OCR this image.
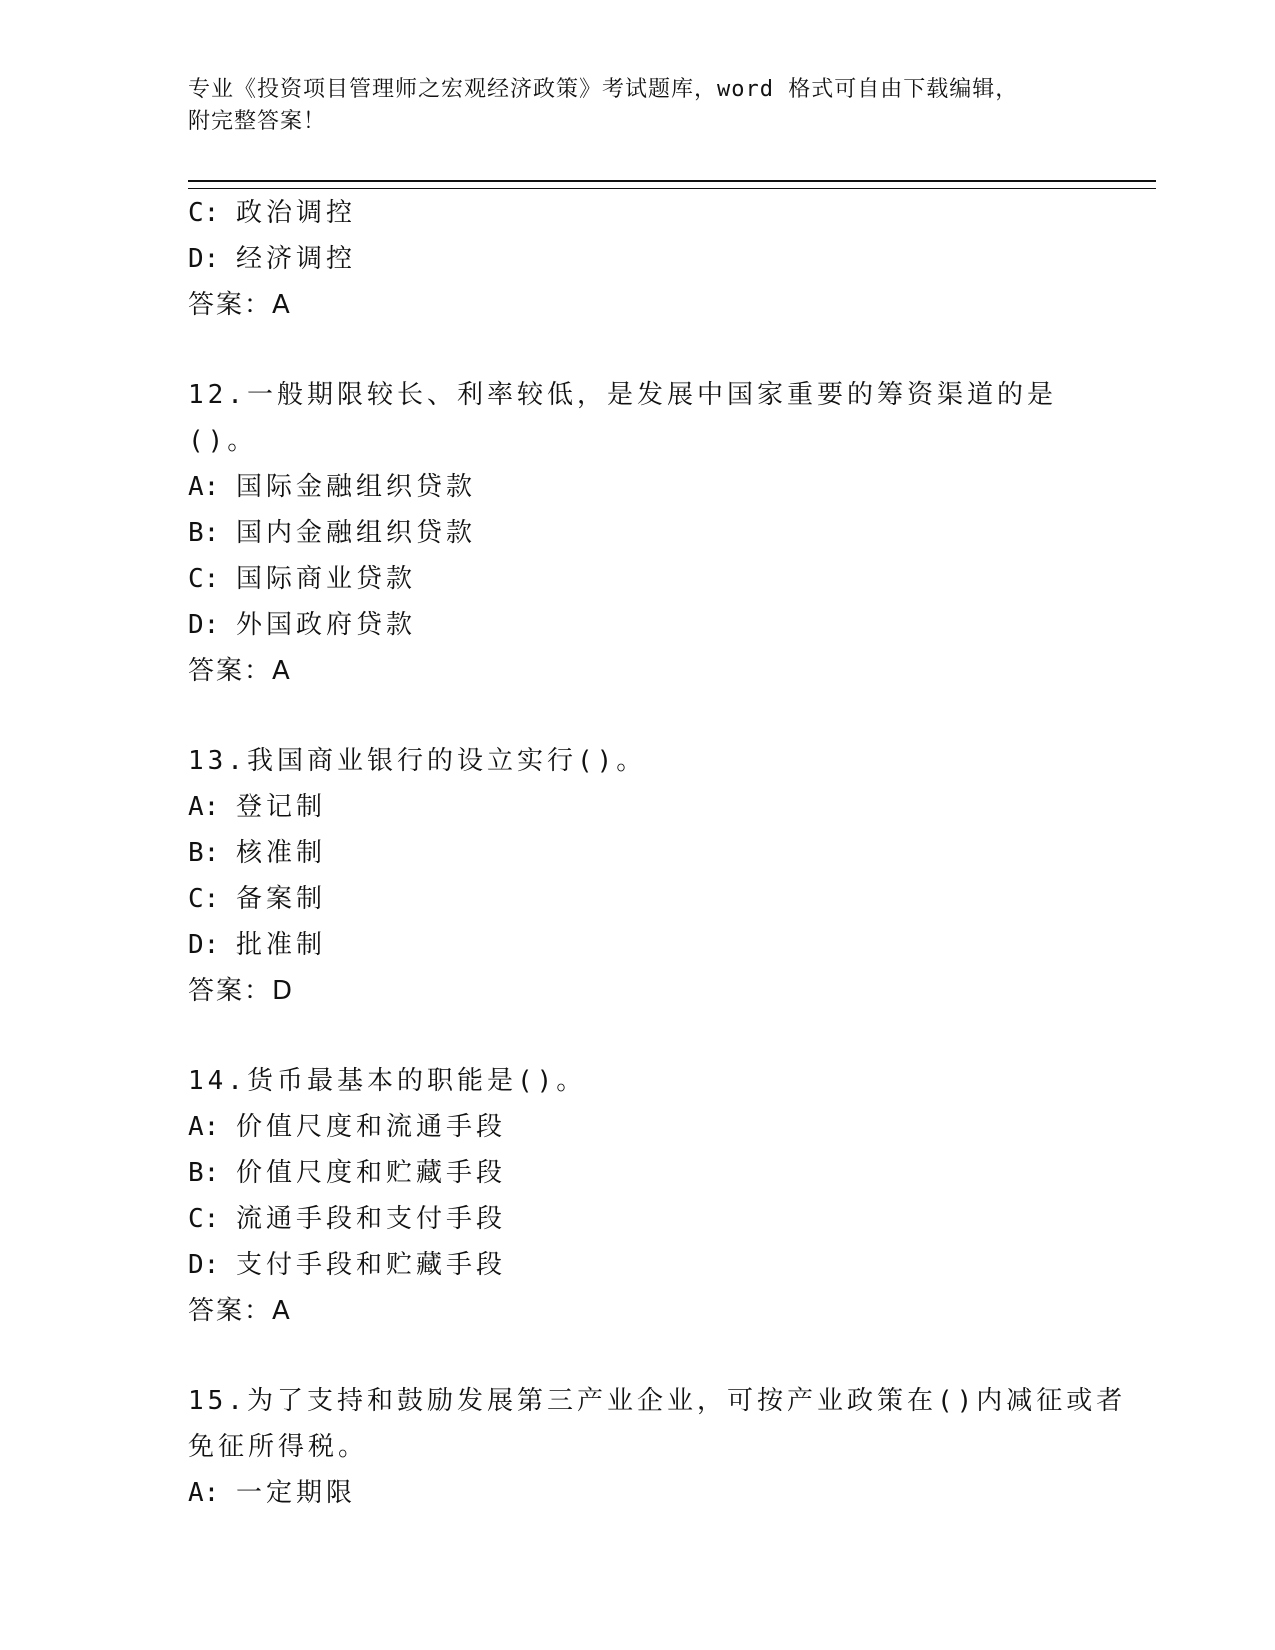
专业《投资项目管理师之宏观经济政策》考试题库，word 格式可自由下载编辑，
附完整答案！
C: 政治调控
D: 经济调控
答案：A
12.一般期限较长、利率较低，是发展中国家重要的筹资渠道的是()。
A: 国际金融组织贷款
B: 国内金融组织贷款
C: 国际商业贷款
D: 外国政府贷款
答案：A
13.我国商业银行的设立实行()。
A: 登记制
B: 核准制
C: 备案制
D: 批准制
答案：D
14.货币最基本的职能是()。
A: 价值尺度和流通手段
B: 价值尺度和贮藏手段
C: 流通手段和支付手段
D: 支付手段和贮藏手段
答案：A
15.为了支持和鼓励发展第三产业企业，可按产业政策在()内减征或者
免征所得税。
A: 一定期限
